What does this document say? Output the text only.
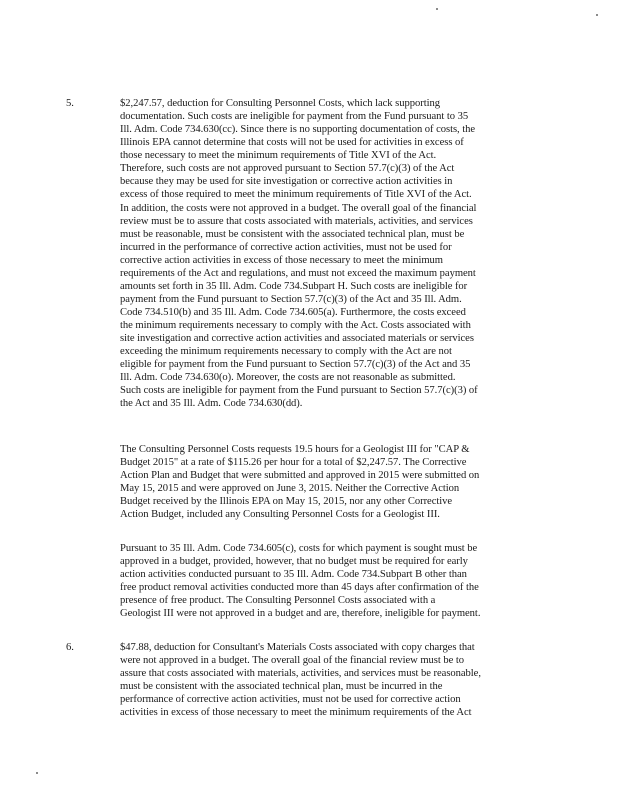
5.	$2,247.57, deduction for Consulting Personnel Costs, which lack supporting
documentation. Such costs are ineligible for payment from the Fund pursuant to 35
Ill. Adm. Code 734.630(cc). Since there is no supporting documentation of costs, the
Illinois EPA cannot determine that costs will not be used for activities in excess of
those necessary to meet the minimum requirements of Title XVI of the Act.
Therefore, such costs are not approved pursuant to Section 57.7(c)(3) of the Act
because they may be used for site investigation or corrective action activities in
excess of those required to meet the minimum requirements of Title XVI of the Act.
In addition, the costs were not approved in a budget. The overall goal of the financial
review must be to assure that costs associated with materials, activities, and services
must be reasonable, must be consistent with the associated technical plan, must be
incurred in the performance of corrective action activities, must not be used for
corrective action activities in excess of those necessary to meet the minimum
requirements of the Act and regulations, and must not exceed the maximum payment
amounts set forth in 35 Ill. Adm. Code 734.Subpart H. Such costs are ineligible for
payment from the Fund pursuant to Section 57.7(c)(3) of the Act and 35 Ill. Adm.
Code 734.510(b) and 35 Ill. Adm. Code 734.605(a). Furthermore, the costs exceed
the minimum requirements necessary to comply with the Act. Costs associated with
site investigation and corrective action activities and associated materials or services
exceeding the minimum requirements necessary to comply with the Act are not
eligible for payment from the Fund pursuant to Section 57.7(c)(3) of the Act and 35
Ill. Adm. Code 734.630(o). Moreover, the costs are not reasonable as submitted.
Such costs are ineligible for payment from the Fund pursuant to Section 57.7(c)(3) of
the Act and 35 Ill. Adm. Code 734.630(dd).
The Consulting Personnel Costs requests 19.5 hours for a Geologist III for "CAP &
Budget 2015" at a rate of $115.26 per hour for a total of $2,247.57. The Corrective
Action Plan and Budget that were submitted and approved in 2015 were submitted on
May 15, 2015 and were approved on June 3, 2015. Neither the Corrective Action
Budget received by the Illinois EPA on May 15, 2015, nor any other Corrective
Action Budget, included any Consulting Personnel Costs for a Geologist III.
Pursuant to 35 Ill. Adm. Code 734.605(c), costs for which payment is sought must be
approved in a budget, provided, however, that no budget must be required for early
action activities conducted pursuant to 35 Ill. Adm. Code 734.Subpart B other than
free product removal activities conducted more than 45 days after confirmation of the
presence of free product. The Consulting Personnel Costs associated with a
Geologist III were not approved in a budget and are, therefore, ineligible for payment.
6.	$47.88, deduction for Consultant's Materials Costs associated with copy charges that
were not approved in a budget. The overall goal of the financial review must be to
assure that costs associated with materials, activities, and services must be reasonable,
must be consistent with the associated technical plan, must be incurred in the
performance of corrective action activities, must not be used for corrective action
activities in excess of those necessary to meet the minimum requirements of the Act
